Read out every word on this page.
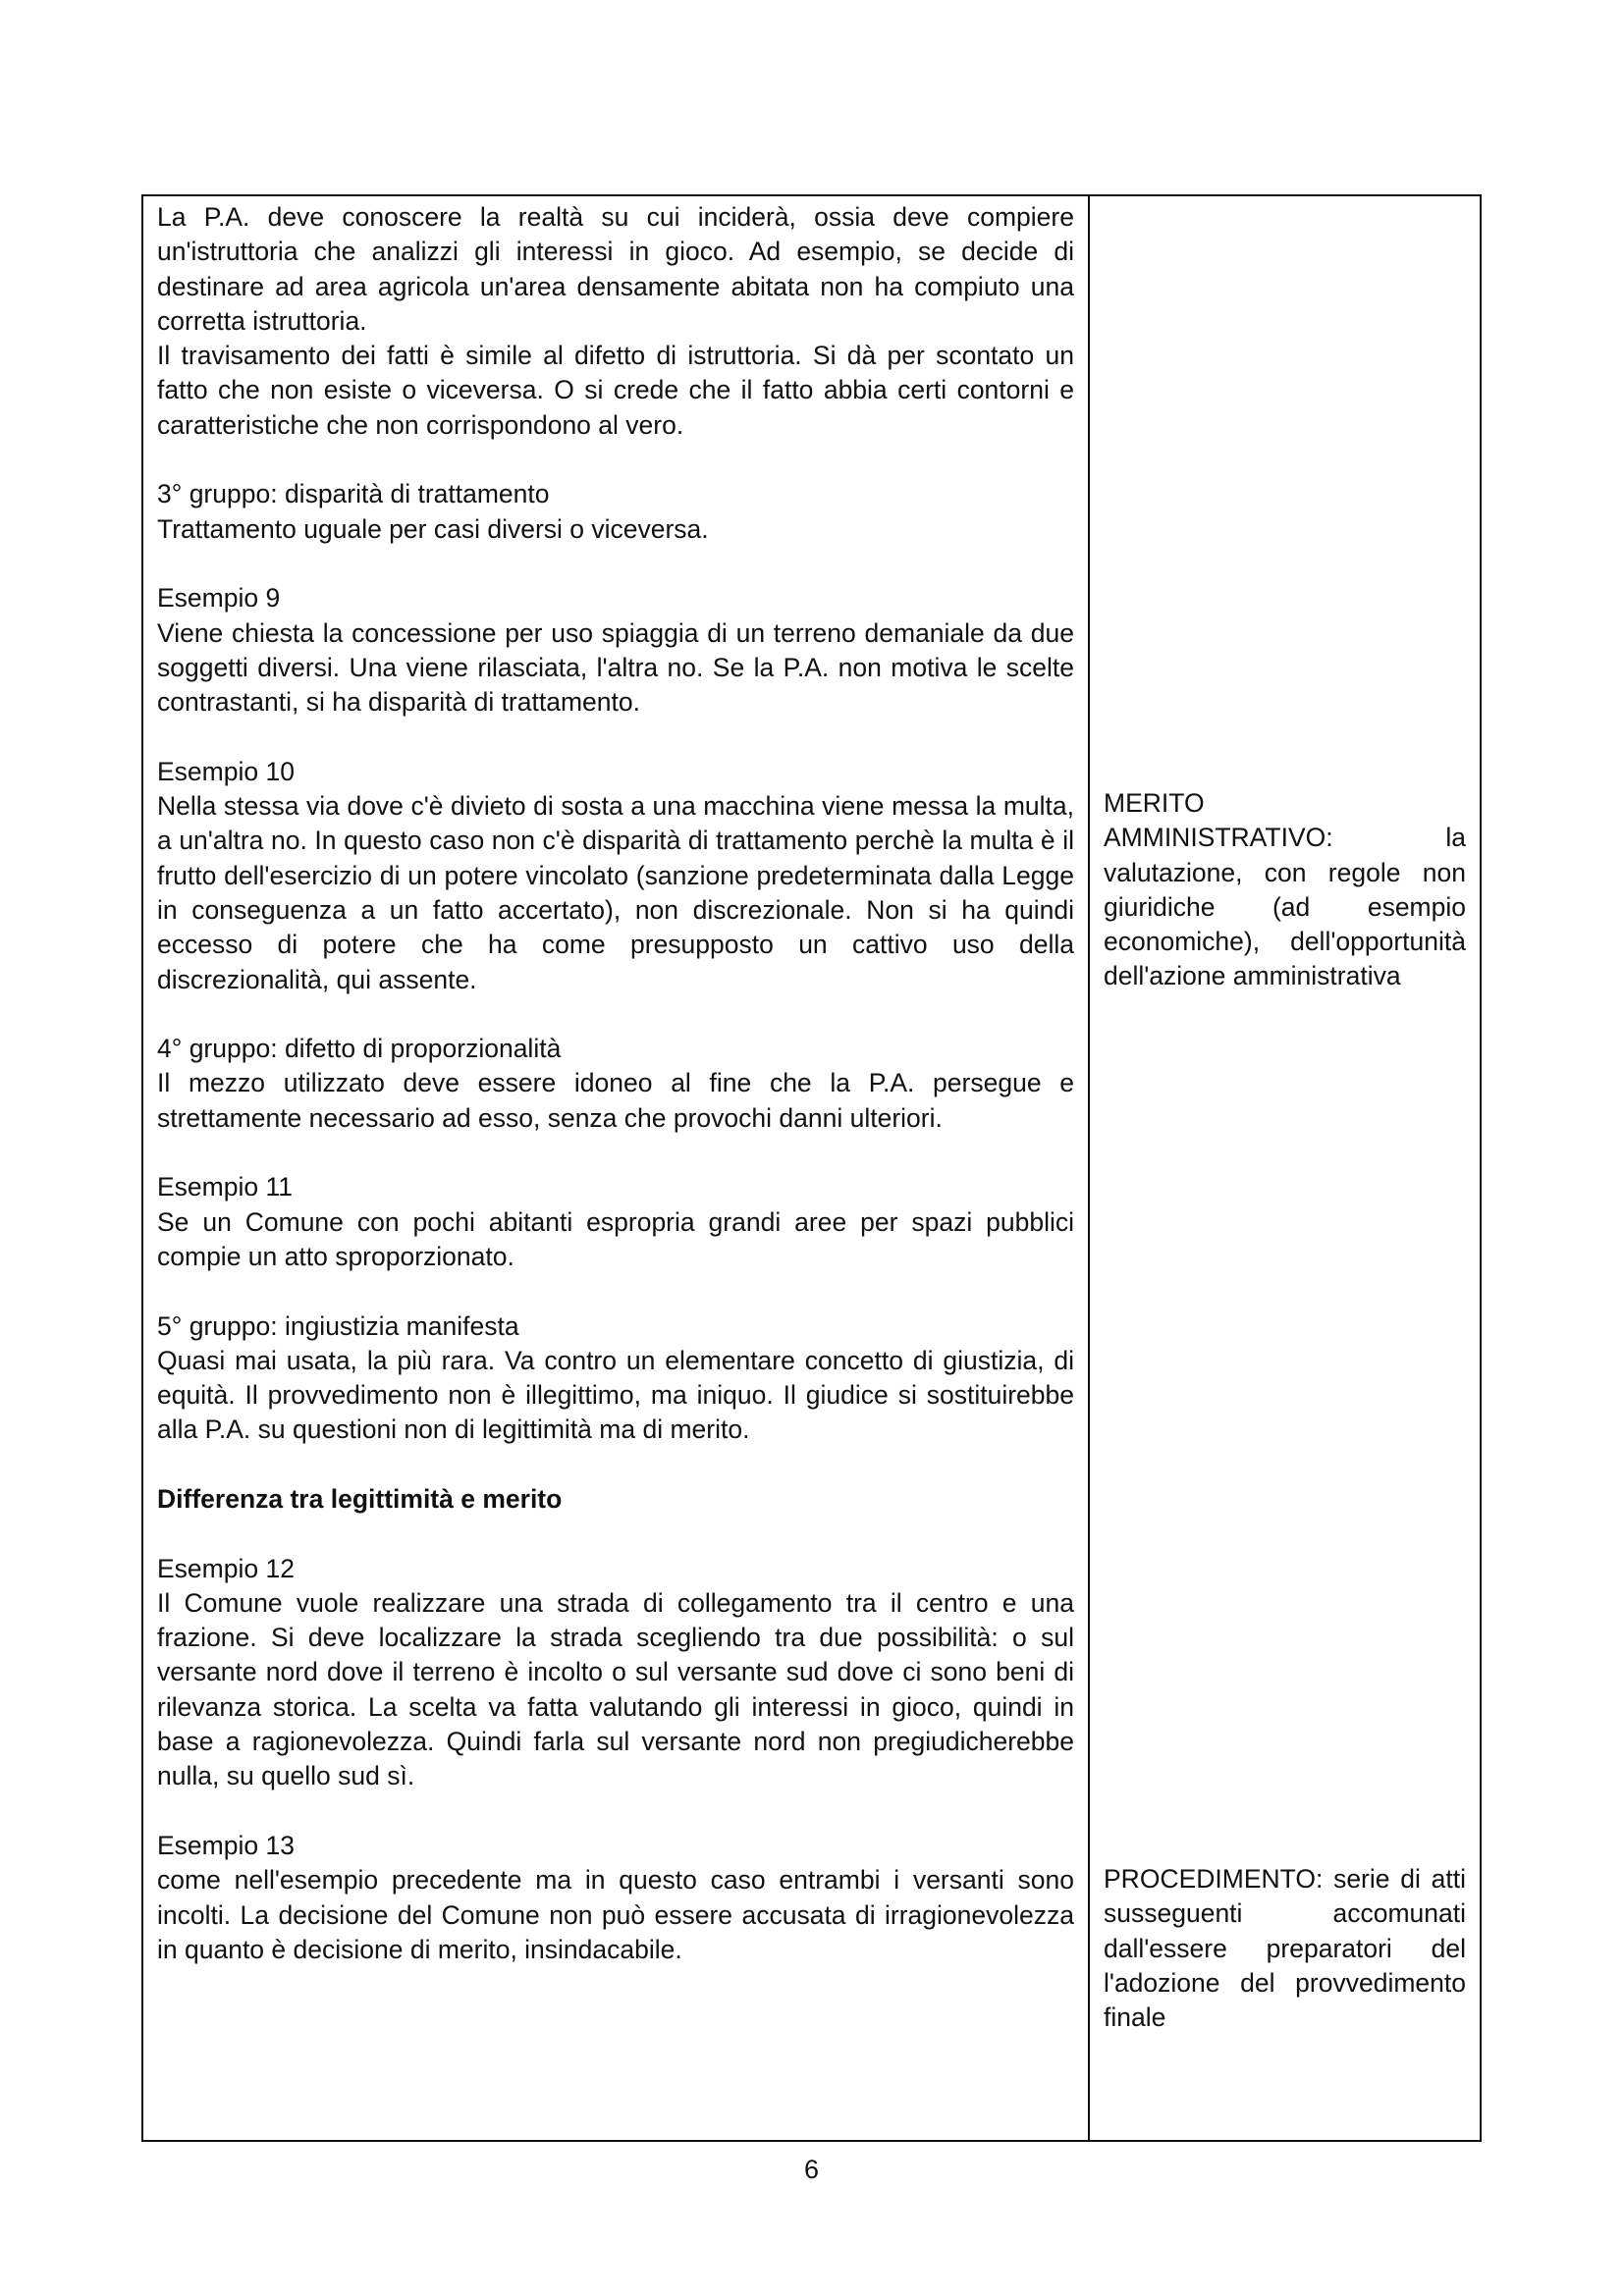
La P.A. deve conoscere la realtà su cui inciderà, ossia deve compiere un'istruttoria che analizzi gli interessi in gioco. Ad esempio, se decide di destinare ad area agricola un'area densamente abitata non ha compiuto una corretta istruttoria.

Il travisamento dei fatti è simile al difetto di istruttoria. Si dà per scontato un fatto che non esiste o viceversa. O si crede che il fatto abbia certi contorni e caratteristiche che non corrispondono al vero.

3° gruppo: disparità di trattamento

Trattamento uguale per casi diversi o viceversa.

Esempio 9

Viene chiesta la concessione per uso spiaggia di un terreno demaniale da due soggetti diversi. Una viene rilasciata, l'altra no. Se la P.A. non motiva le scelte contrastanti, si ha disparità di trattamento.

Esempio 10

Nella stessa via dove c'è divieto di sosta a una macchina viene messa la multa, a un'altra no. In questo caso non c'è disparità di trattamento perchè la multa è il frutto dell'esercizio di un potere vincolato (sanzione predeterminata dalla Legge in conseguenza a un fatto accertato), non discrezionale. Non si ha quindi eccesso di potere che ha come presupposto un cattivo uso della discrezionalità, qui assente.

4° gruppo: difetto di proporzionalità

Il mezzo utilizzato deve essere idoneo al fine che la P.A. persegue e strettamente necessario ad esso, senza che provochi danni ulteriori.

Esempio 11

Se un Comune con pochi abitanti espropria grandi aree per spazi pubblici compie un atto sproporzionato.

5° gruppo: ingiustizia manifesta

Quasi mai usata, la più rara. Va contro un elementare concetto di giustizia, di equità. Il provvedimento non è illegittimo, ma iniquo. Il giudice si sostituirebbe alla P.A. su questioni non di legittimità ma di merito.

Differenza tra legittimità e merito

Esempio 12

Il Comune vuole realizzare una strada di collegamento tra il centro e una frazione. Si deve localizzare la strada scegliendo tra due possibilità: o sul versante nord dove il terreno è incolto o sul versante sud dove ci sono beni di rilevanza storica. La scelta va fatta valutando gli interessi in gioco, quindi in base a ragionevolezza. Quindi farla sul versante nord non pregiudicherebbe nulla, su quello sud sì.

Esempio 13

come nell'esempio precedente ma in questo caso entrambi i versanti sono incolti. La decisione del Comune non può essere accusata di irragionevolezza in quanto è decisione di merito, insindacabile.

MERITO

AMMINISTRATIVO: la valutazione, con regole non giuridiche (ad esempio economiche), dell'opportunità dell'azione amministrativa

PROCEDIMENTO: serie di atti susseguenti accomunati dall'essere preparatori del l'adozione del provvedimento finale

6
